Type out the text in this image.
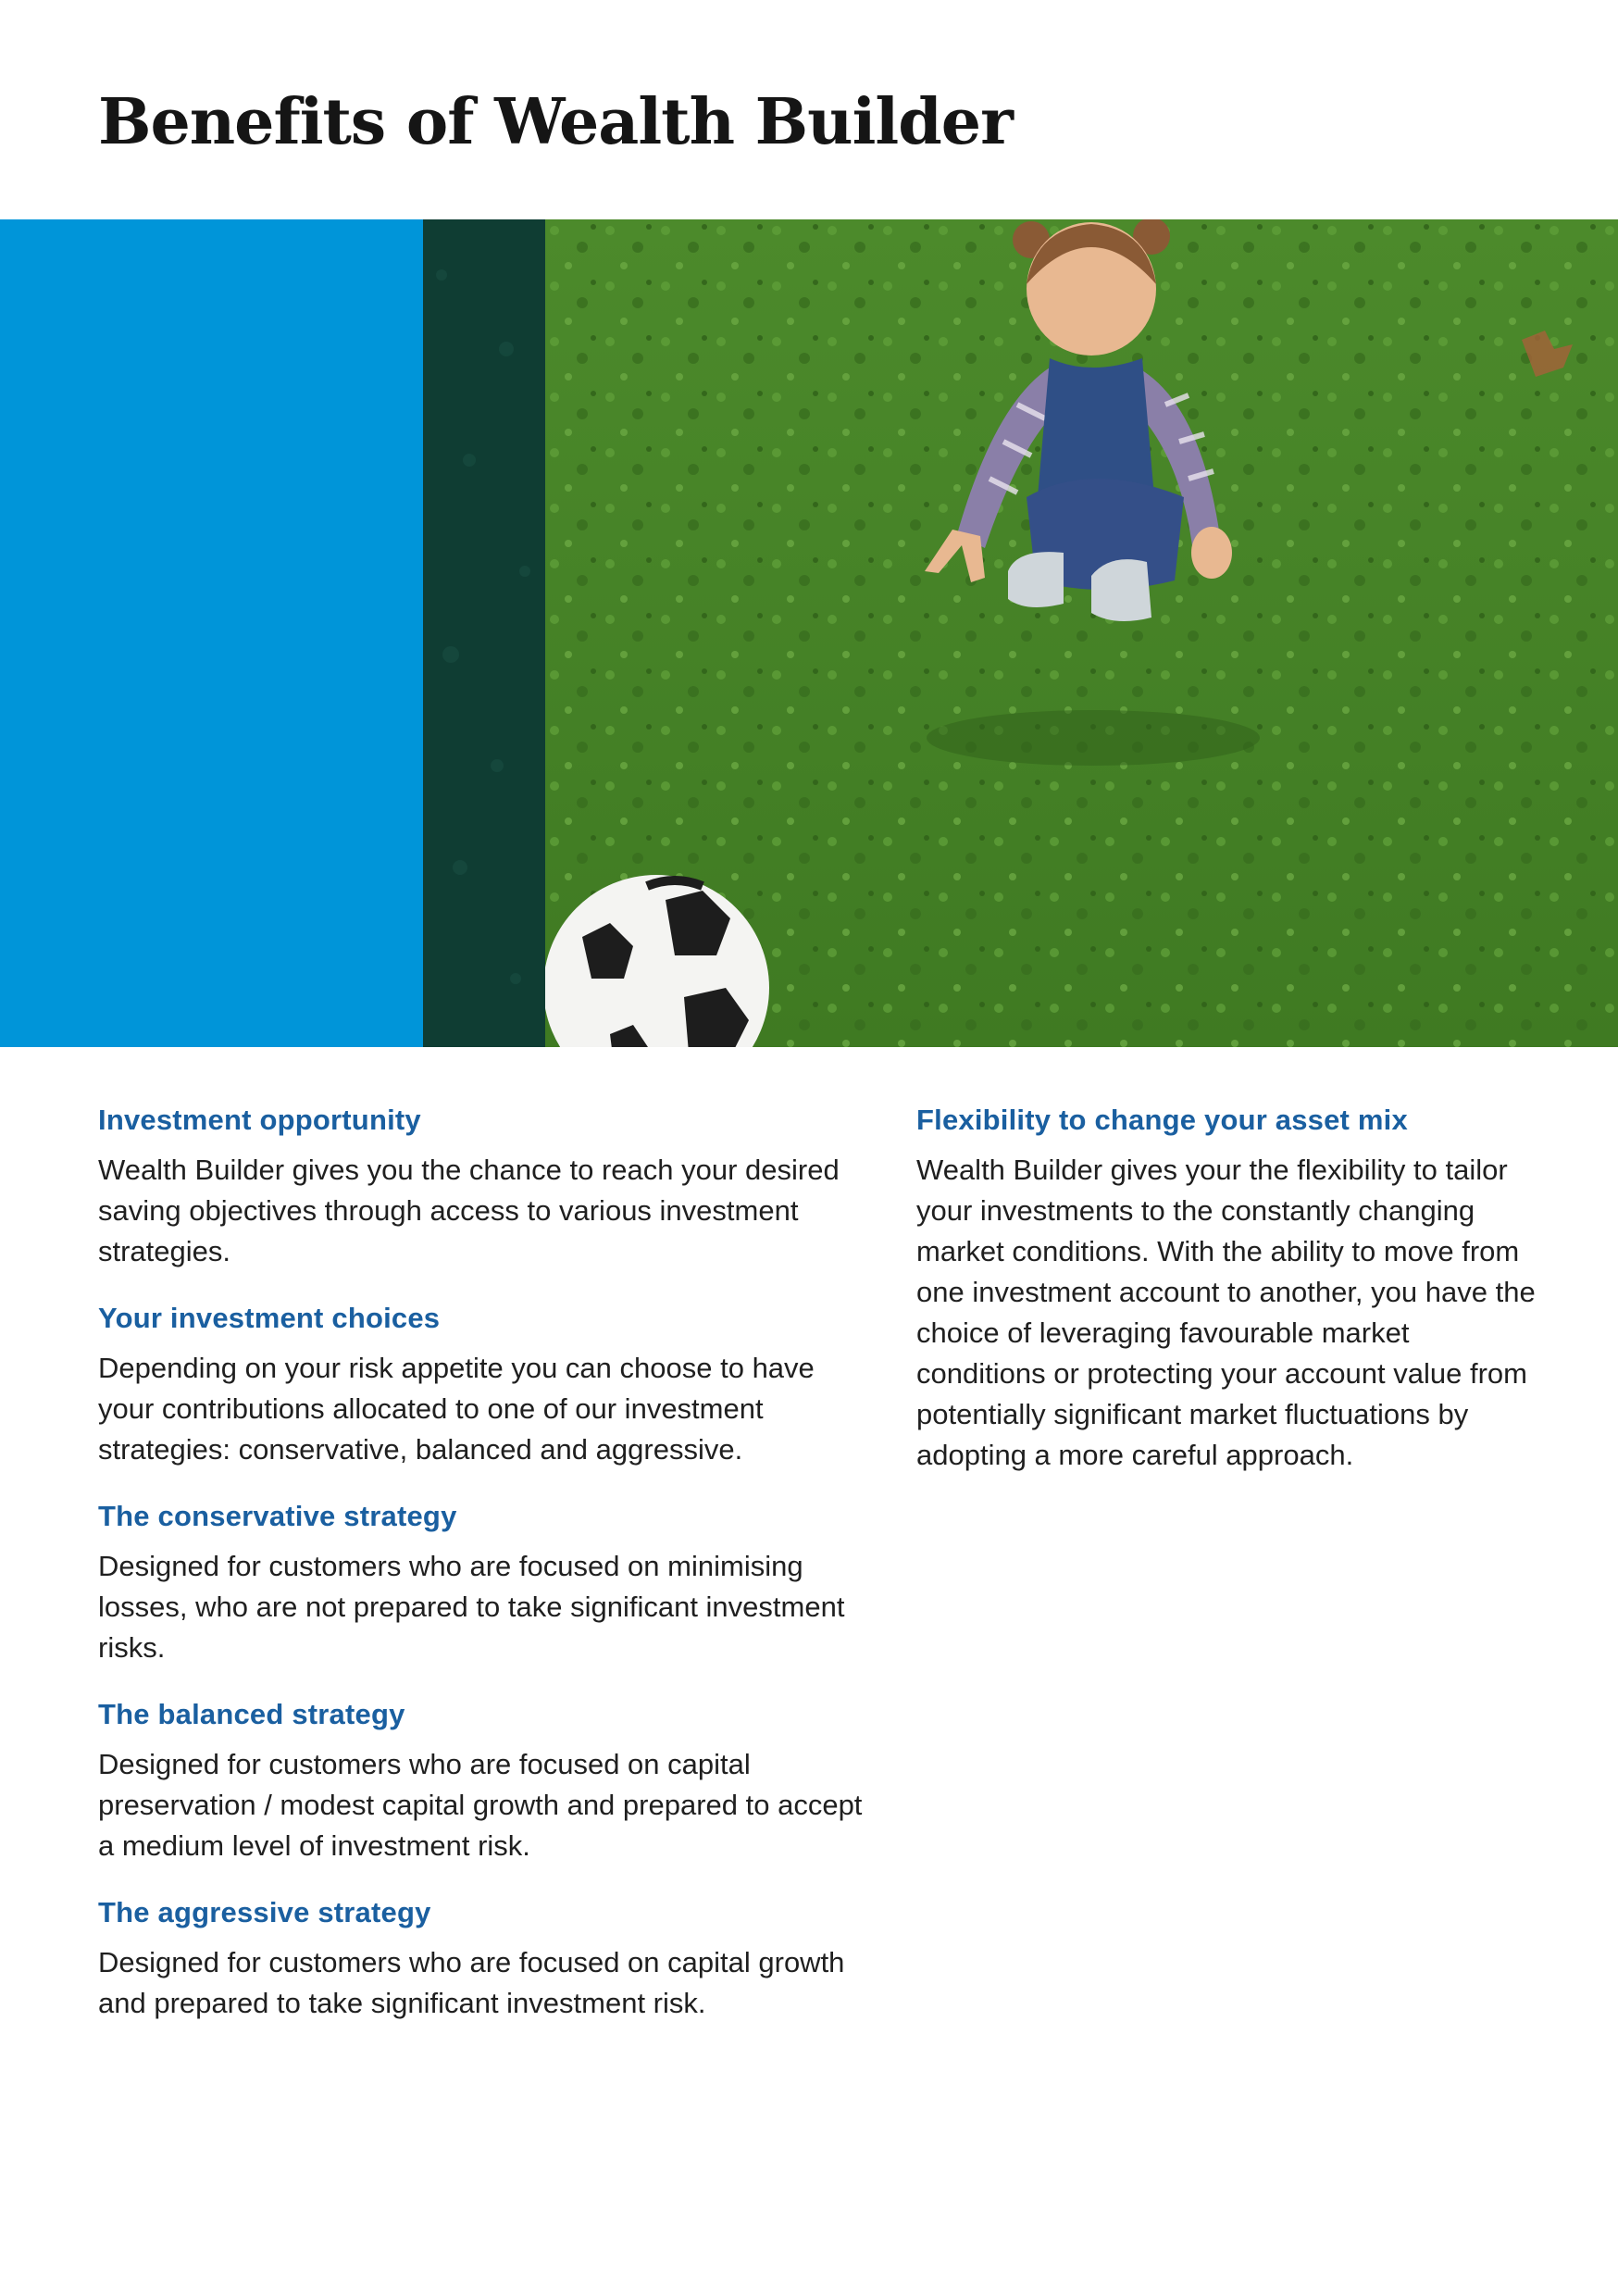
Benefits of Wealth Builder
Investment opportunity

Wealth Builder gives you the chance to reach your desired saving objectives through access to various investment strategies.

Your investment choices

Depending on your risk appetite you can choose to have your contributions allocated to one of our investment strategies: conservative, balanced and aggressive.

The conservative strategy

Designed for customers who are focused on minimising losses, who are not prepared to take significant investment risks.

The balanced strategy

Designed for customers who are focused on capital preservation / modest capital growth and prepared to accept a medium level of investment risk.

The aggressive strategy

Designed for customers who are focused on capital growth and prepared to take significant investment risk.

Flexibility to change your asset mix

Wealth Builder gives your the flexibility to tailor your investments to the constantly changing market conditions. With the ability to move from one investment account to another, you have the choice of leveraging favourable market conditions or protecting your account value from potentially significant market fluctuations by adopting a more careful approach.
